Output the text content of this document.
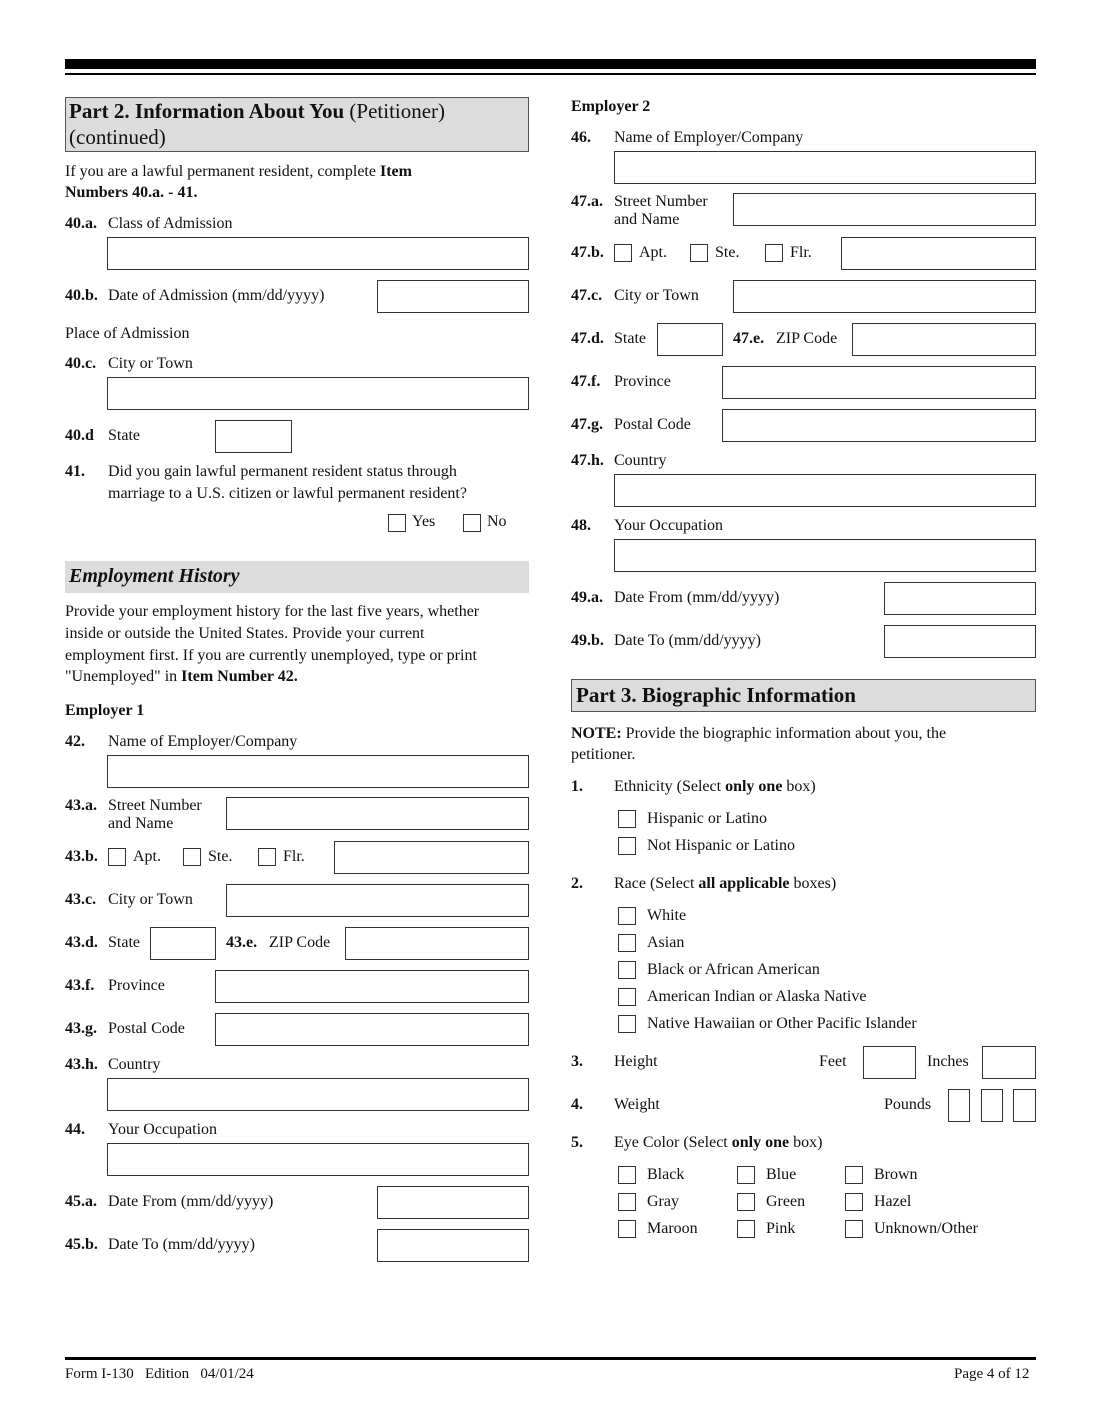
Part 2. Information About You (Petitioner)
(continued)
If you are a lawful permanent resident, complete Item
Numbers 40.a. - 41.
40.a. Class of Admission
40.b. Date of Admission (mm/dd/yyyy)
Place of Admission
40.c. City or Town
40.d State
41. Did you gain lawful permanent resident status through
marriage to a U.S. citizen or lawful permanent resident?
Yes	No
Employment History
Provide your employment history for the last five years, whether
inside or outside the United States. Provide your current
employment first. If you are currently unemployed, type or print
"Unemployed" in Item Number 42.
Employer 1
42. Name of Employer/Company
43.a. Street Number
and Name
43.b. Apt.	Ste.	Flr.
43.c. City or Town
43.d. State	43.e. ZIP Code
43.f. Province
43.g. Postal Code
43.h. Country
44. Your Occupation
45.a. Date From (mm/dd/yyyy)
45.b. Date To (mm/dd/yyyy)
Employer 2
46. Name of Employer/Company
47.a. Street Number
and Name
47.b. Apt.	Ste.	Flr.
47.c. City or Town
47.d. State	47.e. ZIP Code
47.f. Province
47.g. Postal Code
47.h. Country
48. Your Occupation
49.a. Date From (mm/dd/yyyy)
49.b. Date To (mm/dd/yyyy)
Part 3. Biographic Information
NOTE: Provide the biographic information about you, the
petitioner.
1. Ethnicity (Select only one box)
Hispanic or Latino
Not Hispanic or Latino
2. Race (Select all applicable boxes)
White
Asian
Black or African American
American Indian or Alaska Native
Native Hawaiian or Other Pacific Islander
3. Height	Feet	Inches
4. Weight	Pounds
5. Eye Color (Select only one box)
Black	Blue	Brown
Gray	Green	Hazel
Maroon	Pink	Unknown/Other
Form I-130   Edition   04/01/24	Page 4 of 12
